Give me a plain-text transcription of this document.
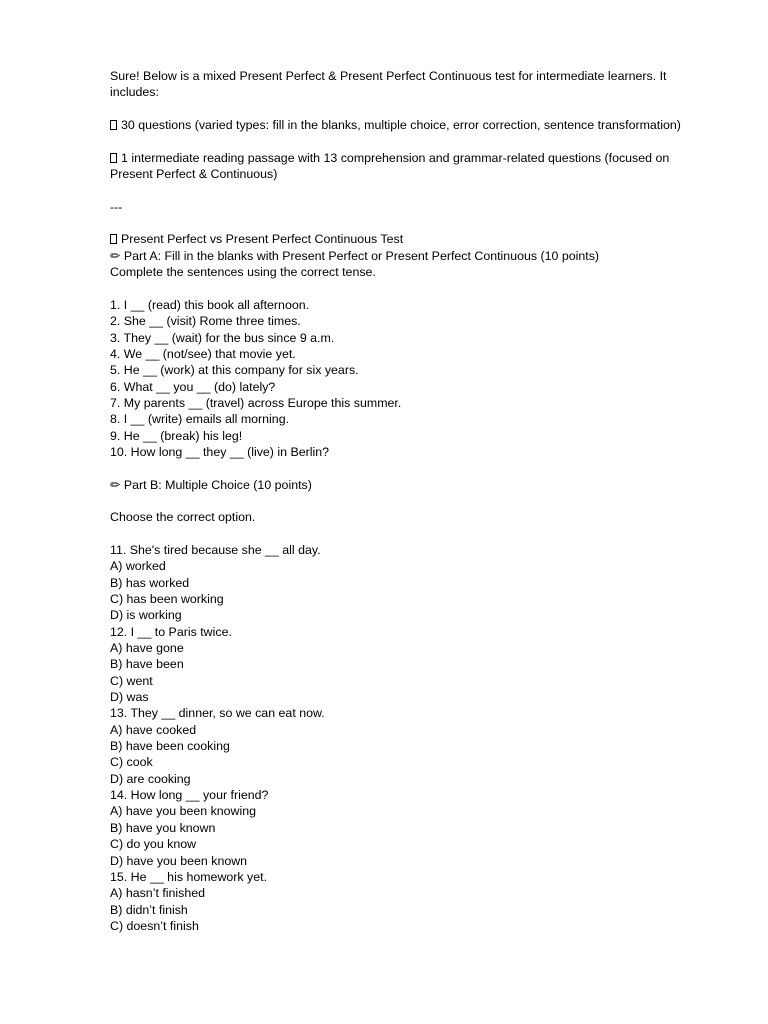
Sure! Below is a mixed Present Perfect & Present Perfect Continuous test for intermediate learners. It includes:
30 questions (varied types: fill in the blanks, multiple choice, error correction, sentence transformation)
1 intermediate reading passage with 13 comprehension and grammar-related questions (focused on Present Perfect & Continuous)
---
Present Perfect vs Present Perfect Continuous Test
✏ Part A: Fill in the blanks with Present Perfect or Present Perfect Continuous (10 points)
Complete the sentences using the correct tense.
1. I __ (read) this book all afternoon.
2. She __ (visit) Rome three times.
3. They __ (wait) for the bus since 9 a.m.
4. We __ (not/see) that movie yet.
5. He __ (work) at this company for six years.
6. What __ you __ (do) lately?
7. My parents __ (travel) across Europe this summer.
8. I __ (write) emails all morning.
9. He __ (break) his leg!
10. How long __ they __ (live) in Berlin?
✏ Part B: Multiple Choice (10 points)
Choose the correct option.
11. She's tired because she __ all day.
A) worked
B) has worked
C) has been working
D) is working
12. I __ to Paris twice.
A) have gone
B) have been
C) went
D) was
13. They __ dinner, so we can eat now.
A) have cooked
B) have been cooking
C) cook
D) are cooking
14. How long __ your friend?
A) have you been knowing
B) have you known
C) do you know
D) have you been known
15. He __ his homework yet.
A) hasn’t finished
B) didn’t finish
C) doesn’t finish
